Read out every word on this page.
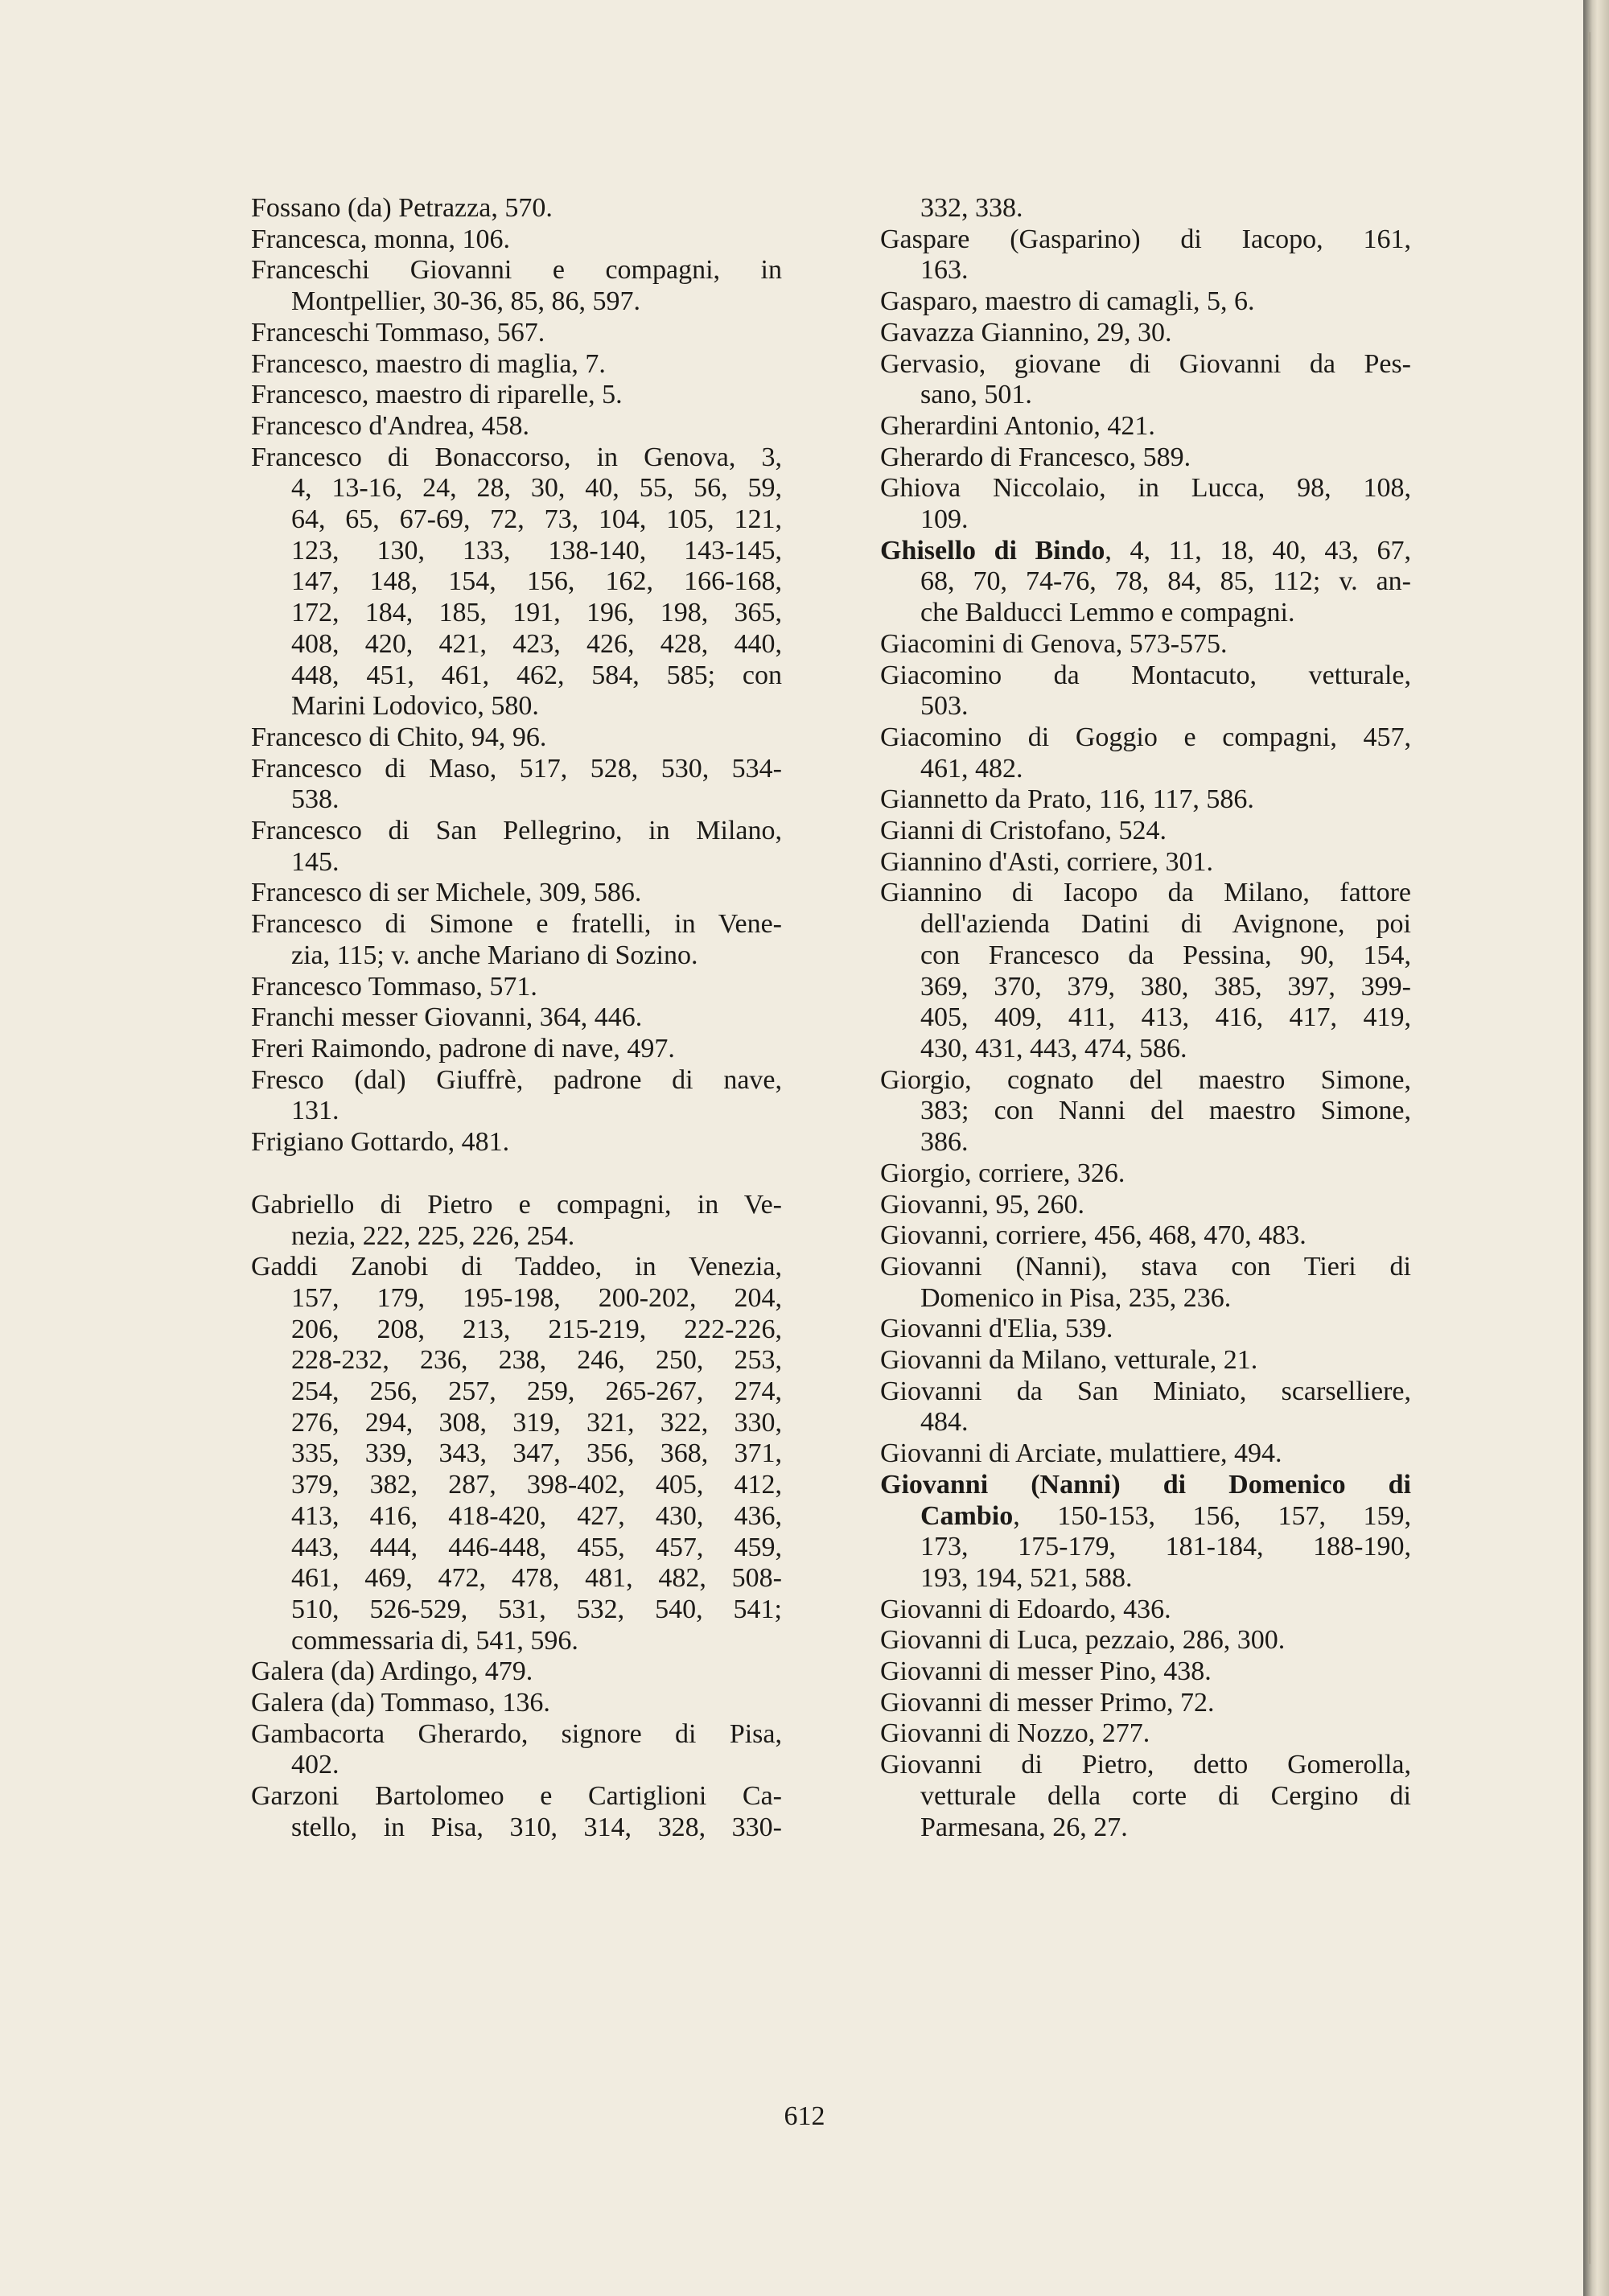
Fossano (da) Petrazza, 570.
Francesca, monna, 106.
Franceschi Giovanni e compagni, in
Montpellier, 30-36, 85, 86, 597.
Franceschi Tommaso, 567.
Francesco, maestro di maglia, 7.
Francesco, maestro di riparelle, 5.
Francesco d'Andrea, 458.
Francesco di Bonaccorso, in Genova, 3,
4, 13-16, 24, 28, 30, 40, 55, 56, 59,
64, 65, 67-69, 72, 73, 104, 105, 121,
123, 130, 133, 138-140, 143-145,
147, 148, 154, 156, 162, 166-168,
172, 184, 185, 191, 196, 198, 365,
408, 420, 421, 423, 426, 428, 440,
448, 451, 461, 462, 584, 585; con
Marini Lodovico, 580.
Francesco di Chito, 94, 96.
Francesco di Maso, 517, 528, 530, 534-
538.
Francesco di San Pellegrino, in Milano,
145.
Francesco di ser Michele, 309, 586.
Francesco di Simone e fratelli, in Vene-
zia, 115; v. anche Mariano di Sozino.
Francesco Tommaso, 571.
Franchi messer Giovanni, 364, 446.
Freri Raimondo, padrone di nave, 497.
Fresco (dal) Giuffrè, padrone di nave,
131.
Frigiano Gottardo, 481.
Gabriello di Pietro e compagni, in Ve-
nezia, 222, 225, 226, 254.
Gaddi Zanobi di Taddeo, in Venezia,
157, 179, 195-198, 200-202, 204,
206, 208, 213, 215-219, 222-226,
228-232, 236, 238, 246, 250, 253,
254, 256, 257, 259, 265-267, 274,
276, 294, 308, 319, 321, 322, 330,
335, 339, 343, 347, 356, 368, 371,
379, 382, 287, 398-402, 405, 412,
413, 416, 418-420, 427, 430, 436,
443, 444, 446-448, 455, 457, 459,
461, 469, 472, 478, 481, 482, 508-
510, 526-529, 531, 532, 540, 541;
commessaria di, 541, 596.
Galera (da) Ardingo, 479.
Galera (da) Tommaso, 136.
Gambacorta Gherardo, signore di Pisa,
402.
Garzoni Bartolomeo e Cartiglioni Ca-
stello, in Pisa, 310, 314, 328, 330-
332, 338.
Gaspare (Gasparino) di Iacopo, 161,
163.
Gasparo, maestro di camagli, 5, 6.
Gavazza Giannino, 29, 30.
Gervasio, giovane di Giovanni da Pes-
sano, 501.
Gherardini Antonio, 421.
Gherardo di Francesco, 589.
Ghiova Niccolaio, in Lucca, 98, 108,
109.
Ghisello di Bindo, 4, 11, 18, 40, 43, 67,
68, 70, 74-76, 78, 84, 85, 112; v. an-
che Balducci Lemmo e compagni.
Giacomini di Genova, 573-575.
Giacomino da Montacuto, vetturale,
503.
Giacomino di Goggio e compagni, 457,
461, 482.
Giannetto da Prato, 116, 117, 586.
Gianni di Cristofano, 524.
Giannino d'Asti, corriere, 301.
Giannino di Iacopo da Milano, fattore
dell'azienda Datini di Avignone, poi
con Francesco da Pessina, 90, 154,
369, 370, 379, 380, 385, 397, 399-
405, 409, 411, 413, 416, 417, 419,
430, 431, 443, 474, 586.
Giorgio, cognato del maestro Simone,
383; con Nanni del maestro Simone,
386.
Giorgio, corriere, 326.
Giovanni, 95, 260.
Giovanni, corriere, 456, 468, 470, 483.
Giovanni (Nanni), stava con Tieri di
Domenico in Pisa, 235, 236.
Giovanni d'Elia, 539.
Giovanni da Milano, vetturale, 21.
Giovanni da San Miniato, scarselliere,
484.
Giovanni di Arciate, mulattiere, 494.
Giovanni (Nanni) di Domenico di
Cambio, 150-153, 156, 157, 159,
173, 175-179, 181-184, 188-190,
193, 194, 521, 588.
Giovanni di Edoardo, 436.
Giovanni di Luca, pezzaio, 286, 300.
Giovanni di messer Pino, 438.
Giovanni di messer Primo, 72.
Giovanni di Nozzo, 277.
Giovanni di Pietro, detto Gomerolla,
vetturale della corte di Cergino di
Parmesana, 26, 27.
612
